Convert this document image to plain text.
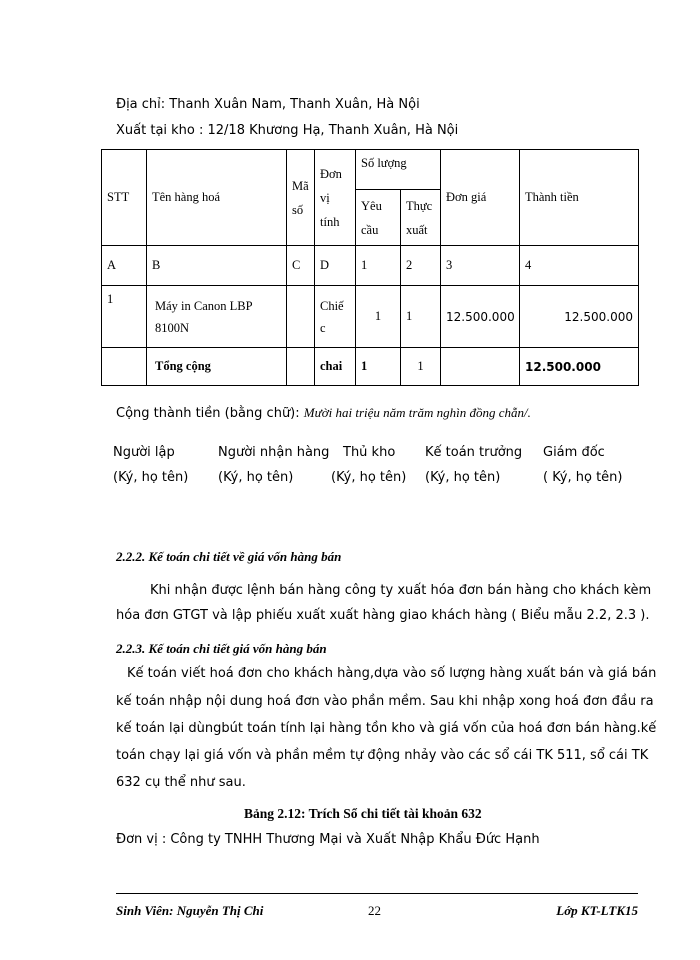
Địa chỉ: Thanh Xuân Nam, Thanh Xuân, Hà Nội
Xuất tại kho : 12/18 Khương Hạ, Thanh Xuân, Hà Nội
STT	Tên hàng hoá	Mã số	Đơn vị tính	Số lượng		Đơn giá	Thành tiền
				Yêu cầu	Thực xuất		
A	B	C	D	1	2	3	4
1	Máy in Canon LBP 8100N		Chiế c	1	1	12.500.000	12.500.000
	Tổng cộng		chai	1	1		12.500.000
Cộng thành tiền (bằng chữ): Mười hai triệu năm trăm nghìn đồng chẵn/.
Người lập
(Ký, họ tên)
Người nhận hàng
(Ký, họ tên)
Thủ kho
(Ký, họ tên)
Kế toán trưởng
(Ký, họ tên)
Giám đốc
( Ký, họ tên)
2.2.2. Kế toán chi tiết về giá vốn hàng bán
Khi nhận được lệnh bán hàng công ty xuất hóa đơn bán hàng cho khách kèm
hóa đơn GTGT và lập phiếu xuất xuất hàng giao khách hàng ( Biểu mẫu 2.2, 2.3 ).
2.2.3. Kế toán chi tiết giá vốn hàng bán
Kế toán viết hoá đơn cho khách hàng,dựa vào số lượng hàng xuất bán và giá bán
kế toán nhập nội dung hoá đơn vào phần mềm. Sau khi nhập xong hoá đơn đầu ra
kế toán lại dùngbút toán tính lại hàng tồn kho và giá vốn của hoá đơn bán hàng.kế
toán chạy lại giá vốn và phần mềm tự động nhảy vào các sổ cái TK 511, sổ cái TK
632 cụ thể như sau.
Bảng 2.12: Trích Sổ chi tiết tài khoản 632
Đơn vị : Công ty TNHH Thương Mại và Xuất Nhập Khẩu Đức Hạnh
Sinh Viên: Nguyễn Thị Chi	22	Lớp KT-LTK15
